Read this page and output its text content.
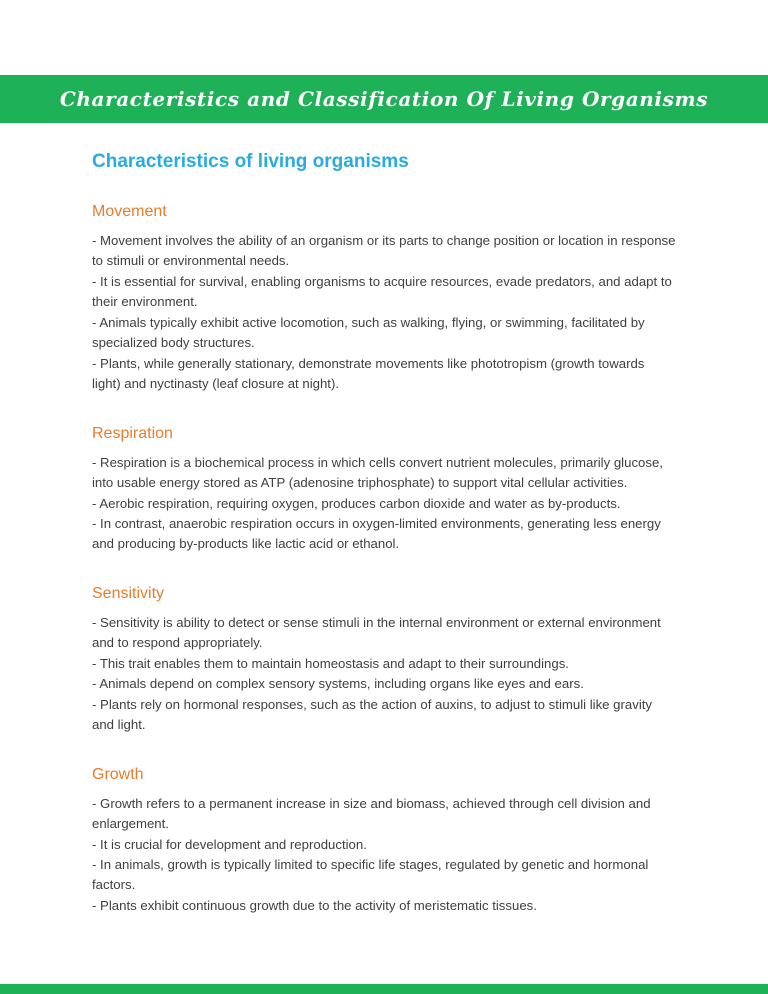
Characteristics and Classification Of Living Organisms
Characteristics of living organisms
Movement

- Movement involves the ability of an organism or its parts to change position or location in response to stimuli or environmental needs.

- It is essential for survival, enabling organisms to acquire resources, evade predators, and adapt to their environment.

- Animals typically exhibit active locomotion, such as walking, flying, or swimming, facilitated by specialized body structures.

- Plants, while generally stationary, demonstrate movements like phototropism (growth towards light) and nyctinasty (leaf closure at night).

Respiration

- Respiration is a biochemical process in which cells convert nutrient molecules, primarily glucose, into usable energy stored as ATP (adenosine triphosphate) to support vital cellular activities.

- Aerobic respiration, requiring oxygen, produces carbon dioxide and water as by-products.

- In contrast, anaerobic respiration occurs in oxygen-limited environments, generating less energy and producing by-products like lactic acid or ethanol.

Sensitivity

- Sensitivity is ability to detect or sense stimuli in the internal environment or external environment and to respond appropriately.

- This trait enables them to maintain homeostasis and adapt to their surroundings.

- Animals depend on complex sensory systems, including organs like eyes and ears.

- Plants rely on hormonal responses, such as the action of auxins, to adjust to stimuli like gravity and light.

Growth

- Growth refers to a permanent increase in size and biomass, achieved through cell division and enlargement.

- It is crucial for development and reproduction.

- In animals, growth is typically limited to specific life stages, regulated by genetic and hormonal factors.

- Plants exhibit continuous growth due to the activity of meristematic tissues.
